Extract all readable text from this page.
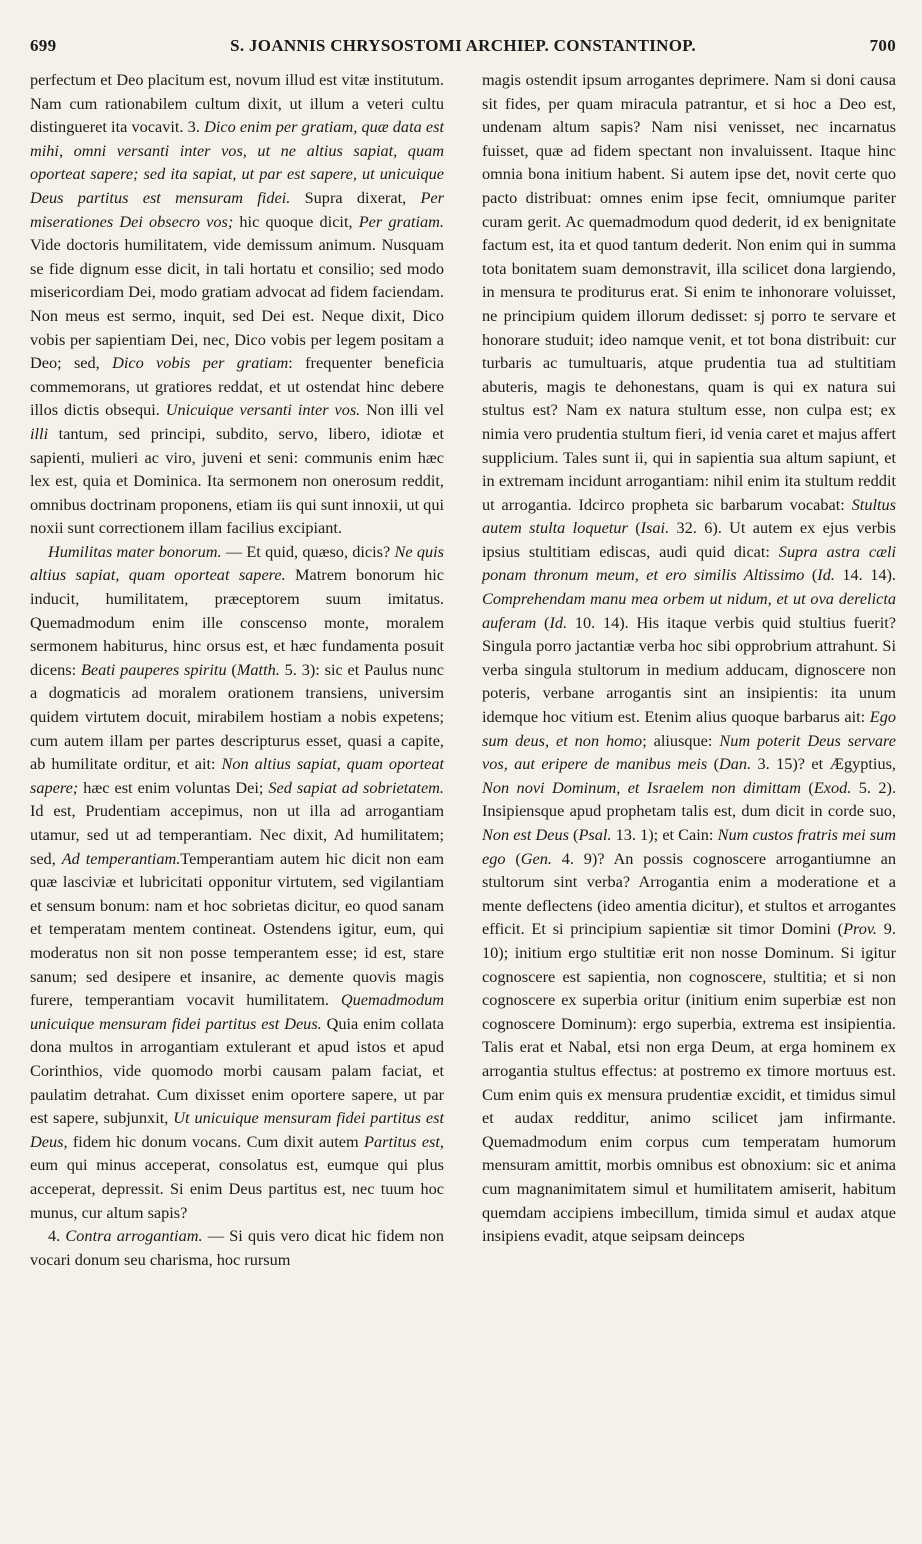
699	S. JOANNIS CHRYSOSTOMI ARCHIEP. CONSTANTINOP.	700

perfectum et Deo placitum est, novum illud est vitæ institutum. Nam cum rationabilem cultum dixit, ut illum a veteri cultu distingueret ita vocavit. 3. Dico enim per gratiam, quæ data est mihi, omni versanti inter vos, ut ne altius sapiat, quam oporteat sapere; sed ita sapiat, ut par est sapere, ut unicuique Deus partitus est mensuram fidei. Supra dixerat, Per miserationes Dei obsecro vos; hic quoque dicit, Per gratiam. Vide doctoris humilitatem, vide demissum animum. Nusquam se fide dignum esse dicit, in tali hortatu et consilio; sed modo misericordiam Dei, modo gratiam advocat ad fidem faciendam. Non meus est sermo, inquit, sed Dei est. Neque dixit, Dico vobis per sapientiam Dei, nec, Dico vobis per legem positam a Deo; sed, Dico vobis per gratiam: frequenter beneficia commemorans, ut gratiores reddat, et ut ostendat hinc debere illos dictis obsequi. Unicuique versanti inter vos. Non illi vel illi tantum, sed principi, subdito, servo, libero, idiotæ et sapienti, mulieri ac viro, juveni et seni: communis enim hæc lex est, quia et Dominica. Ita sermonem non onerosum reddit, omnibus doctrinam proponens, etiam iis qui sunt innoxii, ut qui noxii sunt correctionem illam facilius excipiant.

Humilitas mater bonorum. — Et quid, quæso, dicis? Ne quis altius sapiat, quam oporteat sapere. Matrem bonorum hic inducit, humilitatem, præceptorem suum imitatus. Quemadmodum enim ille conscenso monte, moralem sermonem habiturus, hinc orsus est, et hæc fundamenta posuit dicens: Beati pauperes spiritu (Matth. 5. 3): sic et Paulus nunc a dogmaticis ad moralem orationem transiens, universim quidem virtutem docuit, mirabilem hostiam a nobis expetens; cum autem illam per partes descripturus esset, quasi a capite, ab humilitate orditur, et ait: Non altius sapiat, quam oporteat sapere; hæc est enim voluntas Dei; Sed sapiat ad sobrietatem. Id est, Prudentiam accepimus, non ut illa ad arrogantiam utamur, sed ut ad temperantiam. Nec dixit, Ad humilitatem; sed, Ad temperantiam.Temperantiam autem hic dicit non eam quæ lasciviæ et lubricitati opponitur virtutem, sed vigilantiam et sensum bonum: nam et hoc sobrietas dicitur, eo quod sanam et temperatam mentem contineat. Ostendens igitur, eum, qui moderatus non sit non posse temperantem esse; id est, stare sanum; sed desipere et insanire, ac demente quovis magis furere, temperantiam vocavit humilitatem. Quemadmodum unicuique mensuram fidei partitus est Deus. Quia enim collata dona multos in arrogantiam extulerant et apud istos et apud Corinthios, vide quomodo morbi causam palam faciat, et paulatim detrahat. Cum dixisset enim oportere sapere, ut par est sapere, subjunxit, Ut unicuique mensuram fidei partitus est Deus, fidem hic donum vocans. Cum dixit autem Partitus est, eum qui minus acceperat, consolatus est, eumque qui plus acceperat, depressit. Si enim Deus partitus est, nec tuum hoc munus, cur altum sapis?

4. Contra arrogantiam. — Si quis vero dicat hic fidem non vocari donum seu charisma, hoc rursum

magis ostendit ipsum arrogantes deprimere. Nam si doni causa sit fides, per quam miracula patrantur, et si hoc a Deo est, undenam altum sapis? Nam nisi venisset, nec incarnatus fuisset, quæ ad fidem spectant non invaluissent. Itaque hinc omnia bona initium habent. Si autem ipse det, novit certe quo pacto distribuat: omnes enim ipse fecit, omniumque pariter curam gerit. Ac quemadmodum quod dederit, id ex benignitate factum est, ita et quod tantum dederit. Non enim qui in summa tota bonitatem suam demonstravit, illa scilicet dona largiendo, in mensura te proditurus erat. Si enim te inhonorare voluisset, ne principium quidem illorum dedisset: sj porro te servare et honorare studuit; ideo namque venit, et tot bona distribuit: cur turbaris ac tumultuaris, atque prudentia tua ad stultitiam abuteris, magis te dehonestans, quam is qui ex natura sui stultus est? Nam ex natura stultum esse, non culpa est; ex nimia vero prudentia stultum fieri, id venia caret et majus affert supplicium. Tales sunt ii, qui in sapientia sua altum sapiunt, et in extremam incidunt arrogantiam: nihil enim ita stultum reddit ut arrogantia. Idcirco propheta sic barbarum vocabat: Stultus autem stulta loquetur (Isai. 32. 6). Ut autem ex ejus verbis ipsius stultitiam ediscas, audi quid dicat: Supra astra cæli ponam thronum meum, et ero similis Altissimo (Id. 14. 14). Comprehendam manu mea orbem ut nidum, et ut ova derelicta auferam (Id. 10. 14). His itaque verbis quid stultius fuerit? Singula porro jactantiæ verba hoc sibi opprobrium attrahunt. Si verba singula stultorum in medium adducam, dignoscere non poteris, verbane arrogantis sint an insipientis: ita unum idemque hoc vitium est. Etenim alius quoque barbarus ait: Ego sum deus, et non homo; aliusque: Num poterit Deus servare vos, aut eripere de manibus meis (Dan. 3. 15)? et Ægyptius, Non novi Dominum, et Israelem non dimittam (Exod. 5. 2). Insipiensque apud prophetam talis est, dum dicit in corde suo, Non est Deus (Psal. 13. 1); et Cain: Num custos fratris mei sum ego (Gen. 4. 9)? An possis cognoscere arrogantiumne an stultorum sint verba? Arrogantia enim a moderatione et a mente deflectens (ideo amentia dicitur), et stultos et arrogantes efficit. Et si principium sapientiæ sit timor Domini (Prov. 9. 10); initium ergo stultitiæ erit non nosse Dominum. Si igitur cognoscere est sapientia, non cognoscere, stultitia; et si non cognoscere ex superbia oritur (initium enim superbiæ est non cognoscere Dominum): ergo superbia, extrema est insipientia. Talis erat et Nabal, etsi non erga Deum, at erga hominem ex arrogantia stultus effectus: at postremo ex timore mortuus est. Cum enim quis ex mensura prudentiæ excidit, et timidus simul et audax redditur, animo scilicet jam infirmante. Quemadmodum enim corpus cum temperatam humorum mensuram amittit, morbis omnibus est obnoxium: sic et anima cum magnanimitatem simul et humilitatem amiserit, habitum quemdam accipiens imbecillum, timida simul et audax atque insipiens evadit, atque seipsam deinceps
